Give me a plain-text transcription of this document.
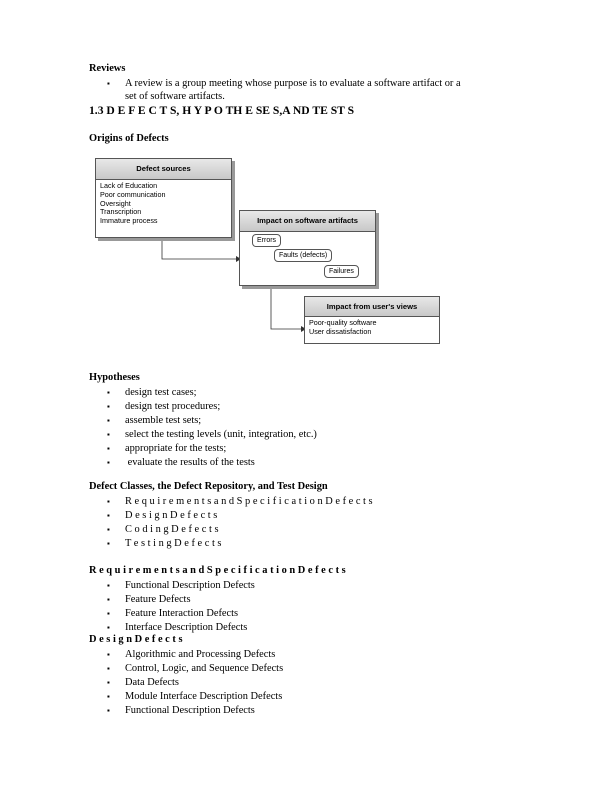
Reviews
▪ A review is a group meeting whose purpose is to evaluate a software artifact or a
set of software artifacts.
1.3 D E F E C T S, H Y P O TH E SE S,A ND TE ST S
Origins of Defects
Defect sources
Lack of Education
Poor communication
Oversight
Transcription
Immature process	Impact on software artifacts
Errors
Faults (defects)
Failures
Impact from user's views
Poor-quality software
User dissatisfaction
Hypotheses
▪ design test cases;
▪ design test procedures;
▪ assemble test sets;
▪ select the testing levels (unit, integration, etc.)
▪ appropriate for the tests;
▪  evaluate the results of the tests
Defect Classes, the Defect Repository, and Test Design
▪ R e q u i r e m e n t s a n d S p e c i f i c a t i o n D e f e c t s
▪ D e s i g n D e f e c t s
▪ C o d i n g D e f e c t s
▪ T e s t i n g D e f e c t s
R e q u i r e m e n t s a n d S p e c i f i c a t i o n D e f e c t s
▪ Functional Description Defects
▪ Feature Defects
▪ Feature Interaction Defects
▪ Interface Description Defects
D e s i g n D e f e c t s
▪ Algorithmic and Processing Defects
▪ Control, Logic, and Sequence Defects
▪ Data Defects
▪ Module Interface Description Defects
▪ Functional Description Defects
